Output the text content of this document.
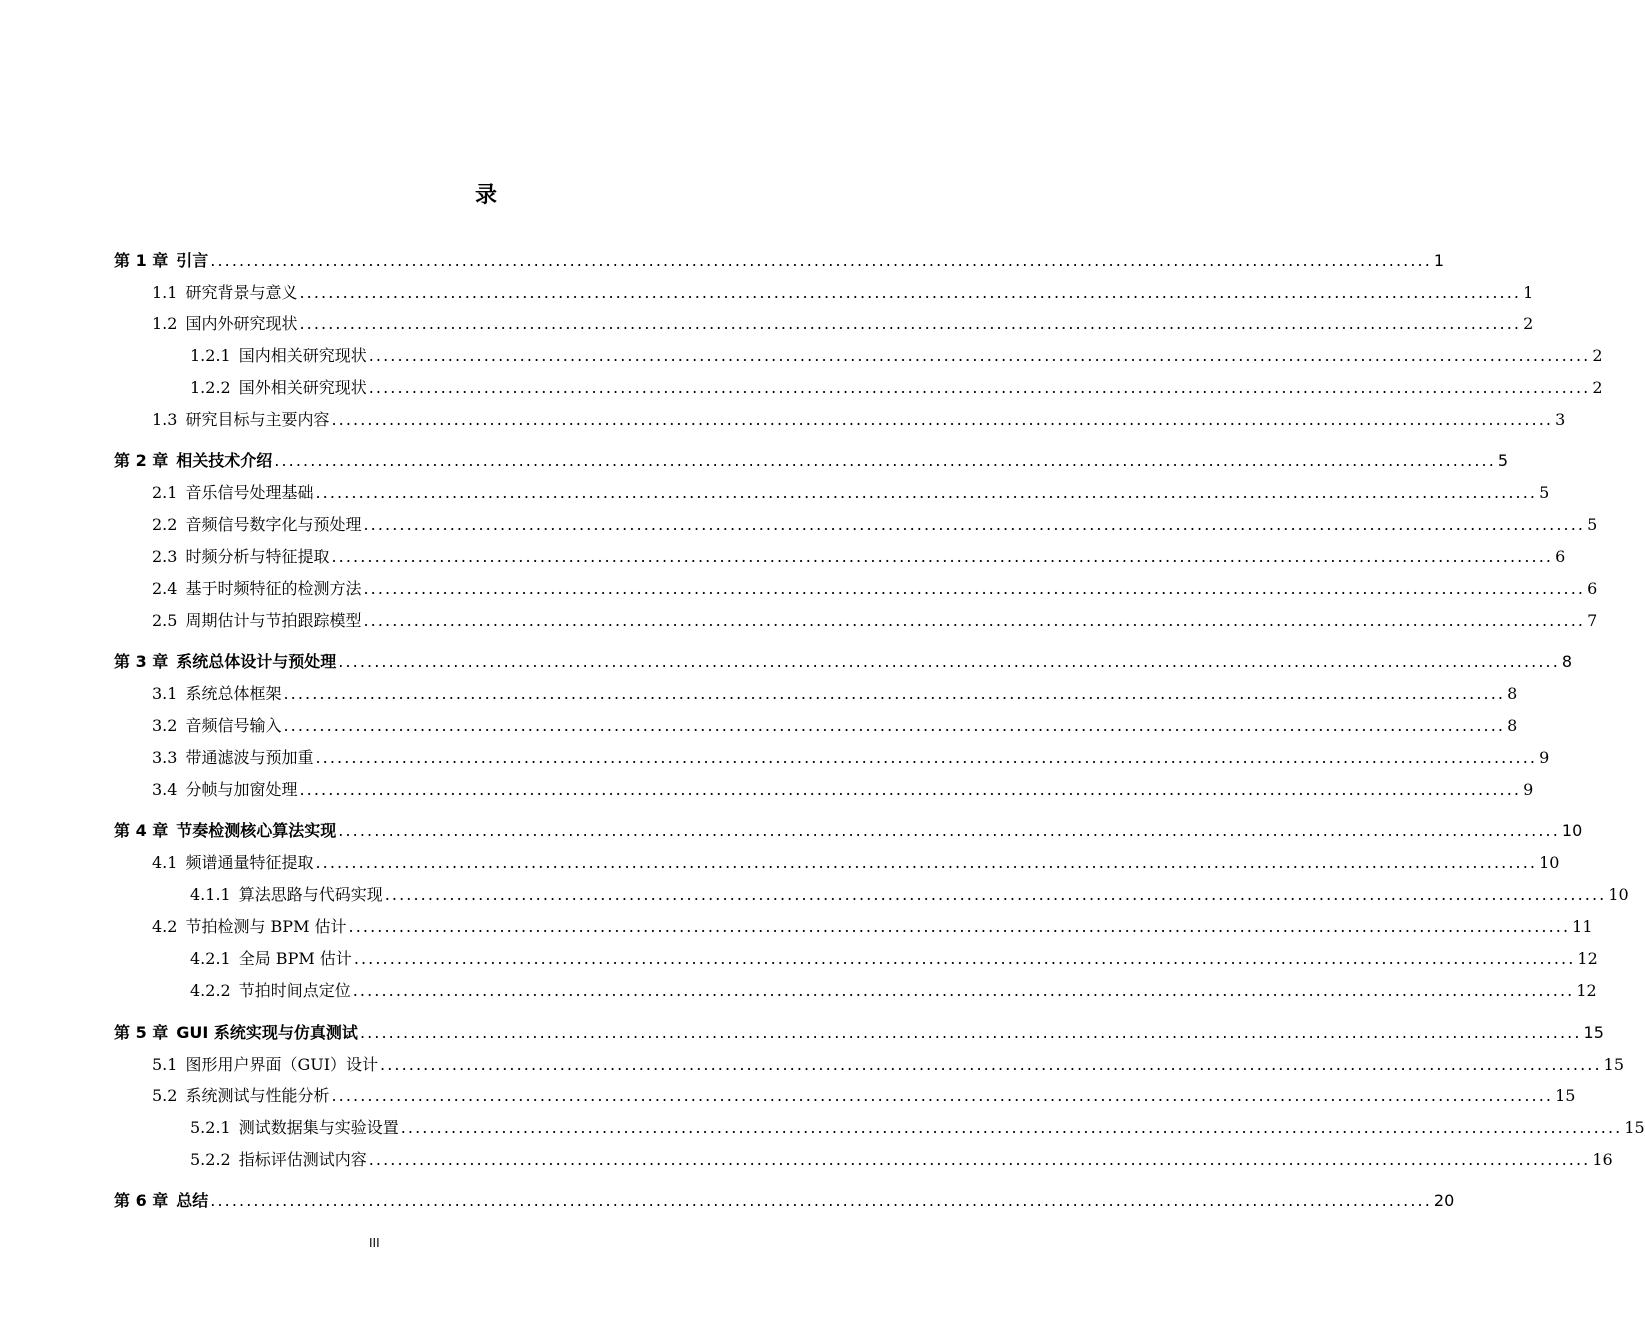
录
第 1 章 引言 .......................................................................................................................................................................... 1
1.1 研究背景与意义 .......................................................................................................................................................................... 1
1.2 国内外研究现状 .......................................................................................................................................................................... 2
1.2.1 国内相关研究现状 .......................................................................................................................................................................... 2
1.2.2 国外相关研究现状 .......................................................................................................................................................................... 2
1.3 研究目标与主要内容 .......................................................................................................................................................................... 3
第 2 章 相关技术介绍 .......................................................................................................................................................................... 5
2.1 音乐信号处理基础 .......................................................................................................................................................................... 5
2.2 音频信号数字化与预处理 .......................................................................................................................................................................... 5
2.3 时频分析与特征提取 .......................................................................................................................................................................... 6
2.4 基于时频特征的检测方法 .......................................................................................................................................................................... 6
2.5 周期估计与节拍跟踪模型 .......................................................................................................................................................................... 7
第 3 章 系统总体设计与预处理 .......................................................................................................................................................................... 8
3.1 系统总体框架 .......................................................................................................................................................................... 8
3.2 音频信号输入 .......................................................................................................................................................................... 8
3.3 带通滤波与预加重 .......................................................................................................................................................................... 9
3.4 分帧与加窗处理 .......................................................................................................................................................................... 9
第 4 章 节奏检测核心算法实现 .......................................................................................................................................................................... 10
4.1 频谱通量特征提取 .......................................................................................................................................................................... 10
4.1.1 算法思路与代码实现 .......................................................................................................................................................................... 10
4.2 节拍检测与 BPM 估计 .......................................................................................................................................................................... 11
4.2.1 全局 BPM 估计 .......................................................................................................................................................................... 12
4.2.2 节拍时间点定位 .......................................................................................................................................................................... 12
第 5 章 GUI 系统实现与仿真测试 .......................................................................................................................................................................... 15
5.1 图形用户界面（GUI）设计 .......................................................................................................................................................................... 15
5.2 系统测试与性能分析 .......................................................................................................................................................................... 15
5.2.1 测试数据集与实验设置 .......................................................................................................................................................................... 15
5.2.2 指标评估测试内容 .......................................................................................................................................................................... 16
第 6 章 总结 .......................................................................................................................................................................... 20
III
